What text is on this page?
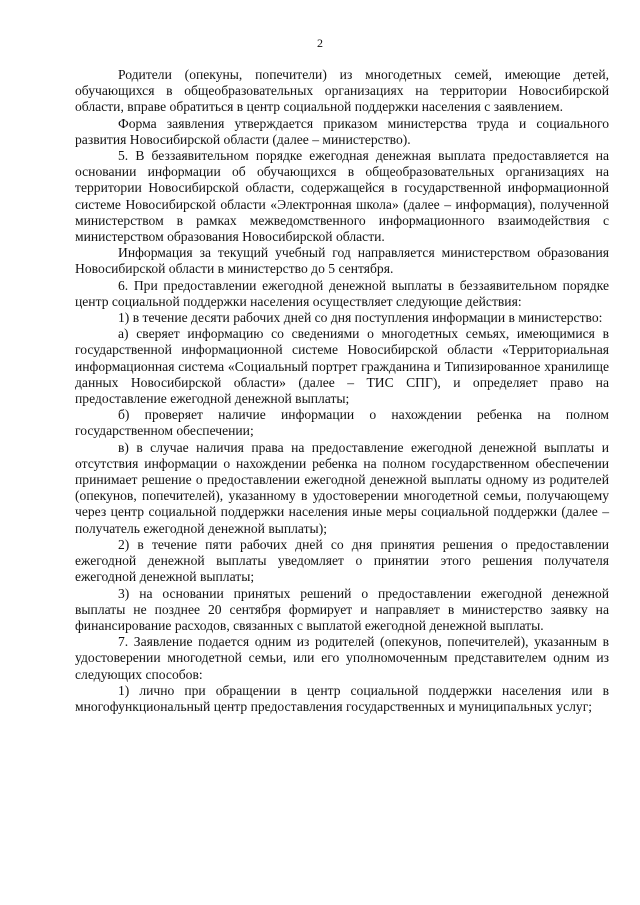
2

Родители (опекуны, попечители) из многодетных семей, имеющие детей, обучающихся в общеобразовательных организациях на территории Новосибирской области, вправе обратиться в центр социальной поддержки населения с заявлением.

Форма заявления утверждается приказом министерства труда и социального развития Новосибирской области (далее – министерство).

5. В беззаявительном порядке ежегодная денежная выплата предоставляется на основании информации об обучающихся в общеобразовательных организациях на территории Новосибирской области, содержащейся в государственной информационной системе Новосибирской области «Электронная школа» (далее – информация), полученной министерством в рамках межведомственного информационного взаимодействия с министерством образования Новосибирской области.

Информация за текущий учебный год направляется министерством образования Новосибирской области в министерство до 5 сентября.

6. При предоставлении ежегодной денежной выплаты в беззаявительном порядке центр социальной поддержки населения осуществляет следующие действия:

1) в течение десяти рабочих дней со дня поступления информации в министерство:

а) сверяет информацию со сведениями о многодетных семьях, имеющимися в государственной информационной системе Новосибирской области «Территориальная информационная система «Социальный портрет гражданина и Типизированное хранилище данных Новосибирской области» (далее – ТИС СПГ), и определяет право на предоставление ежегодной денежной выплаты;

б) проверяет наличие информации о нахождении ребенка на полном государственном обеспечении;

в) в случае наличия права на предоставление ежегодной денежной выплаты и отсутствия информации о нахождении ребенка на полном государственном обеспечении принимает решение о предоставлении ежегодной денежной выплаты одному из родителей (опекунов, попечителей), указанному в удостоверении многодетной семьи, получающему через центр социальной поддержки населения иные меры социальной поддержки (далее – получатель ежегодной денежной выплаты);

2) в течение пяти рабочих дней со дня принятия решения о предоставлении ежегодной денежной выплаты уведомляет о принятии этого решения получателя ежегодной денежной выплаты;

3) на основании принятых решений о предоставлении ежегодной денежной выплаты не позднее 20 сентября формирует и направляет в министерство заявку на финансирование расходов, связанных с выплатой ежегодной денежной выплаты.

7. Заявление подается одним из родителей (опекунов, попечителей), указанным в удостоверении многодетной семьи, или его уполномоченным представителем одним из следующих способов:

1) лично при обращении в центр социальной поддержки населения или в многофункциональный центр предоставления государственных и муниципальных услуг;
